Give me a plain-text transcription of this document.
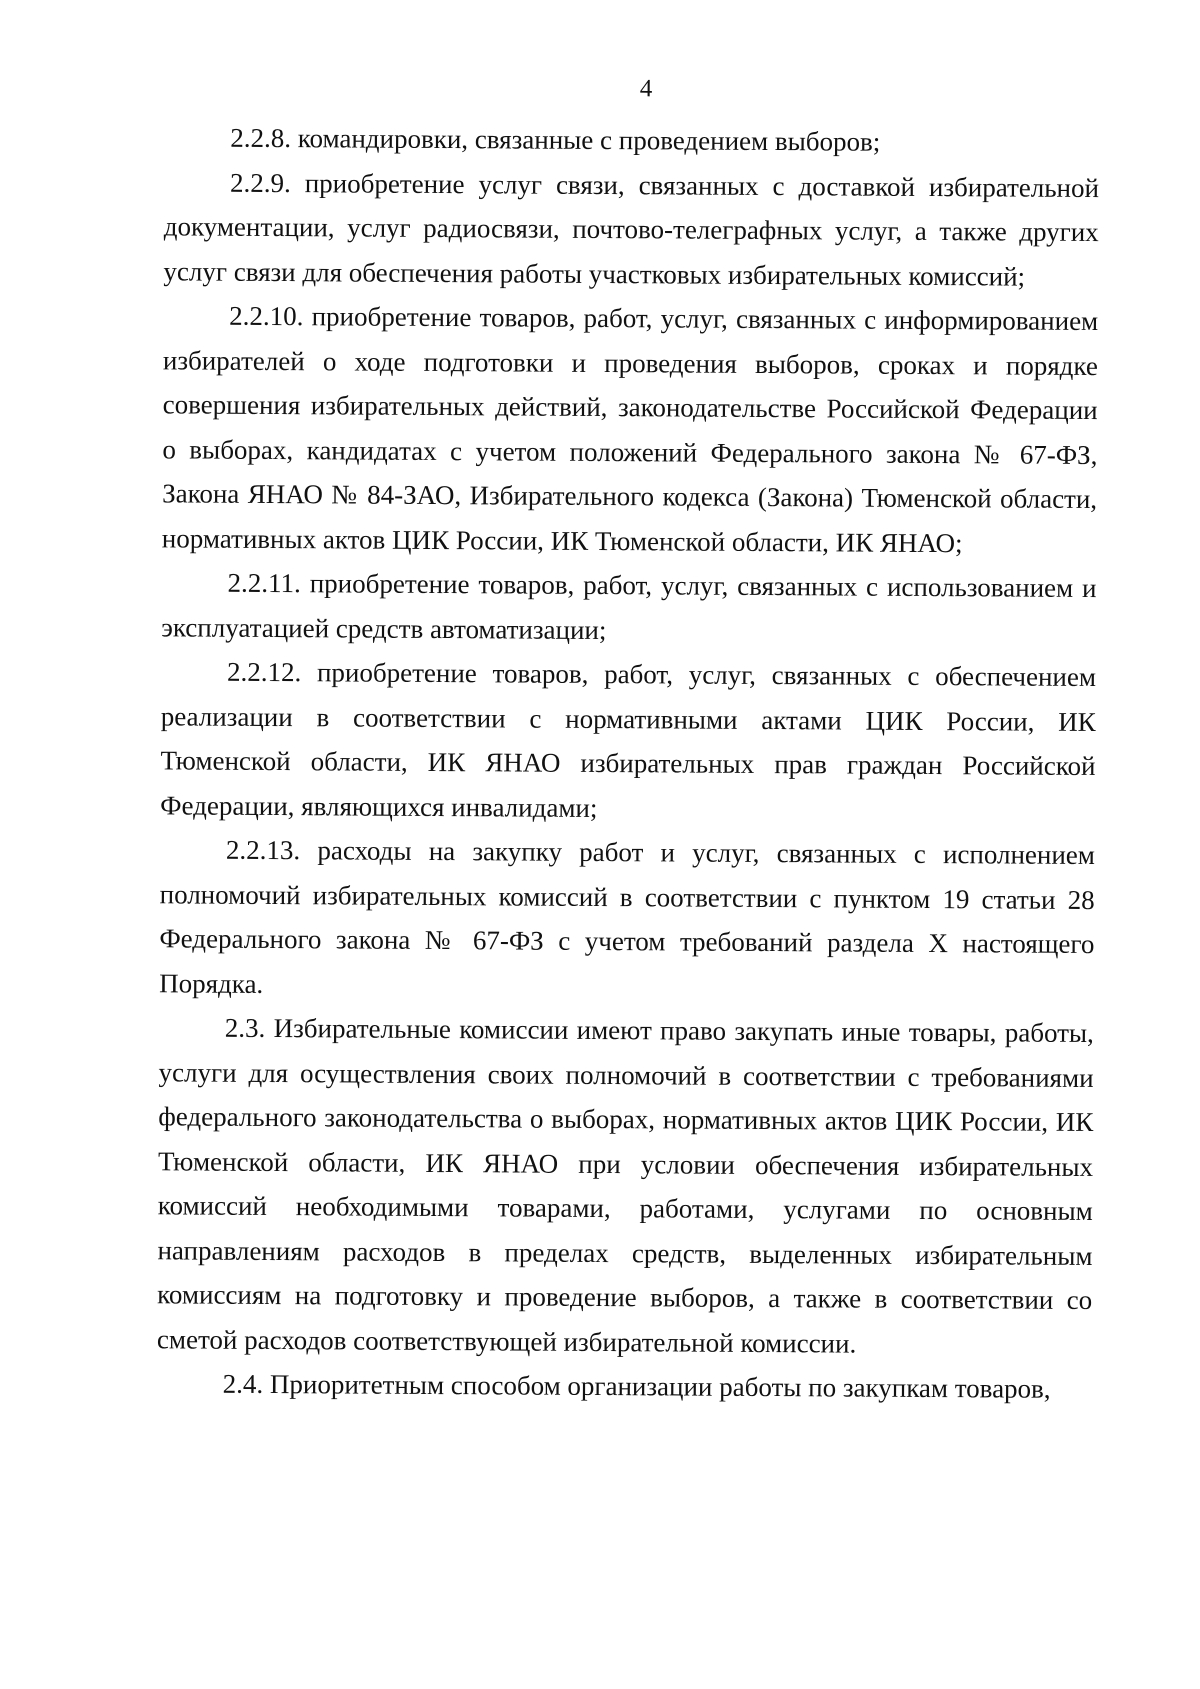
4

2.2.8. командировки, связанные с проведением выборов;

2.2.9. приобретение услуг связи, связанных с доставкой избирательной документации, услуг радиосвязи, почтово-телеграфных услуг, а также других услуг связи для обеспечения работы участковых избирательных комиссий;

2.2.10. приобретение товаров, работ, услуг, связанных с информированием избирателей о ходе подготовки и проведения выборов, сроках и порядке совершения избирательных действий, законодательстве Российской Федерации о выборах, кандидатах с учетом положений Федерального закона № 67-ФЗ, Закона ЯНАО № 84-ЗАО, Избирательного кодекса (Закона) Тюменской области, нормативных актов ЦИК России, ИК Тюменской области, ИК ЯНАО;

2.2.11. приобретение товаров, работ, услуг, связанных с использованием и эксплуатацией средств автоматизации;

2.2.12. приобретение товаров, работ, услуг, связанных с обеспечением реализации в соответствии с нормативными актами ЦИК России, ИК Тюменской области, ИК ЯНАО избирательных прав граждан Российской Федерации, являющихся инвалидами;

2.2.13. расходы на закупку работ и услуг, связанных с исполнением полномочий избирательных комиссий в соответствии с пунктом 19 статьи 28 Федерального закона № 67-ФЗ с учетом требований раздела X настоящего Порядка.

2.3. Избирательные комиссии имеют право закупать иные товары, работы, услуги для осуществления своих полномочий в соответствии с требованиями федерального законодательства о выборах, нормативных актов ЦИК России, ИК Тюменской области, ИК ЯНАО при условии обеспечения избирательных комиссий необходимыми товарами, работами, услугами по основным направлениям расходов в пределах средств, выделенных избирательным комиссиям на подготовку и проведение выборов, а также в соответствии со сметой расходов соответствующей избирательной комиссии.

2.4. Приоритетным способом организации работы по закупкам товаров,
